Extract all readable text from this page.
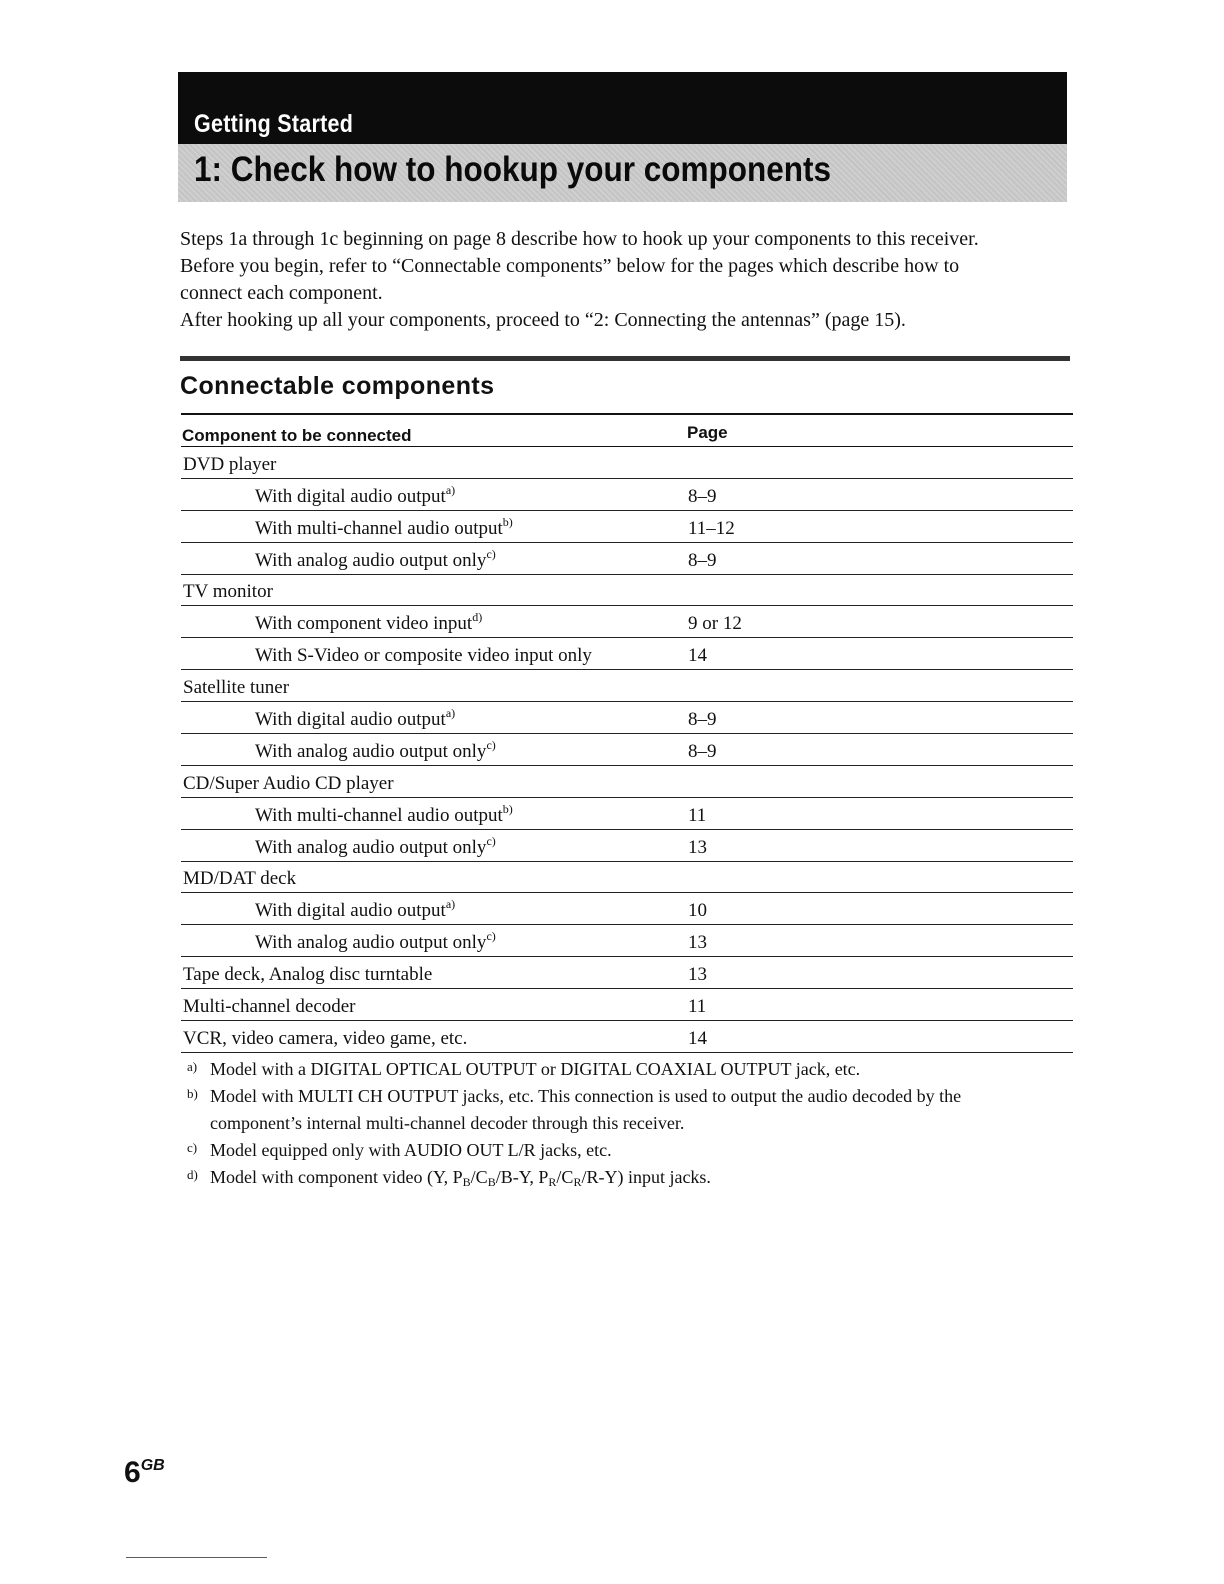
Getting Started
1: Check how to hookup your components

Steps 1a through 1c beginning on page 8 describe how to hook up your components to this receiver.

Before you begin, refer to “Connectable components” below for the pages which describe how to

connect each component.

After hooking up all your components, proceed to “2: Connecting the antennas” (page 15).

Connectable components
Component to be connected	Page
DVD player
With digital audio output$^{a)}$	8–9
With multi-channel audio output$^{b)}$	11–12
With analog audio output only$^{c)}$	8–9
TV monitor
With component video input$^{d)}$	9 or 12
With S-Video or composite video input only	14
Satellite tuner
With digital audio output$^{a)}$	8–9
With analog audio output only$^{c)}$	8–9
CD/Super Audio CD player
With multi-channel audio output$^{b)}$	11
With analog audio output only$^{c)}$	13
MD/DAT deck
With digital audio output$^{a)}$	10
With analog audio output only$^{c)}$	13
Tape deck, Analog disc turntable	13
Multi-channel decoder	11
VCR, video camera, video game, etc.	14
a) Model with a DIGITAL OPTICAL OUTPUT or DIGITAL COAXIAL OUTPUT jack, etc.
b) Model with MULTI CH OUTPUT jacks, etc. This connection is used to output the audio decoded by the
component’s internal multi-channel decoder through this receiver.
c) Model equipped only with AUDIO OUT L/R jacks, etc.
d) Model with component video (Y, $P_B/C_B/B-Y$, $P_R/C_R/R-Y$) input jacks.
$6^{GB}$
